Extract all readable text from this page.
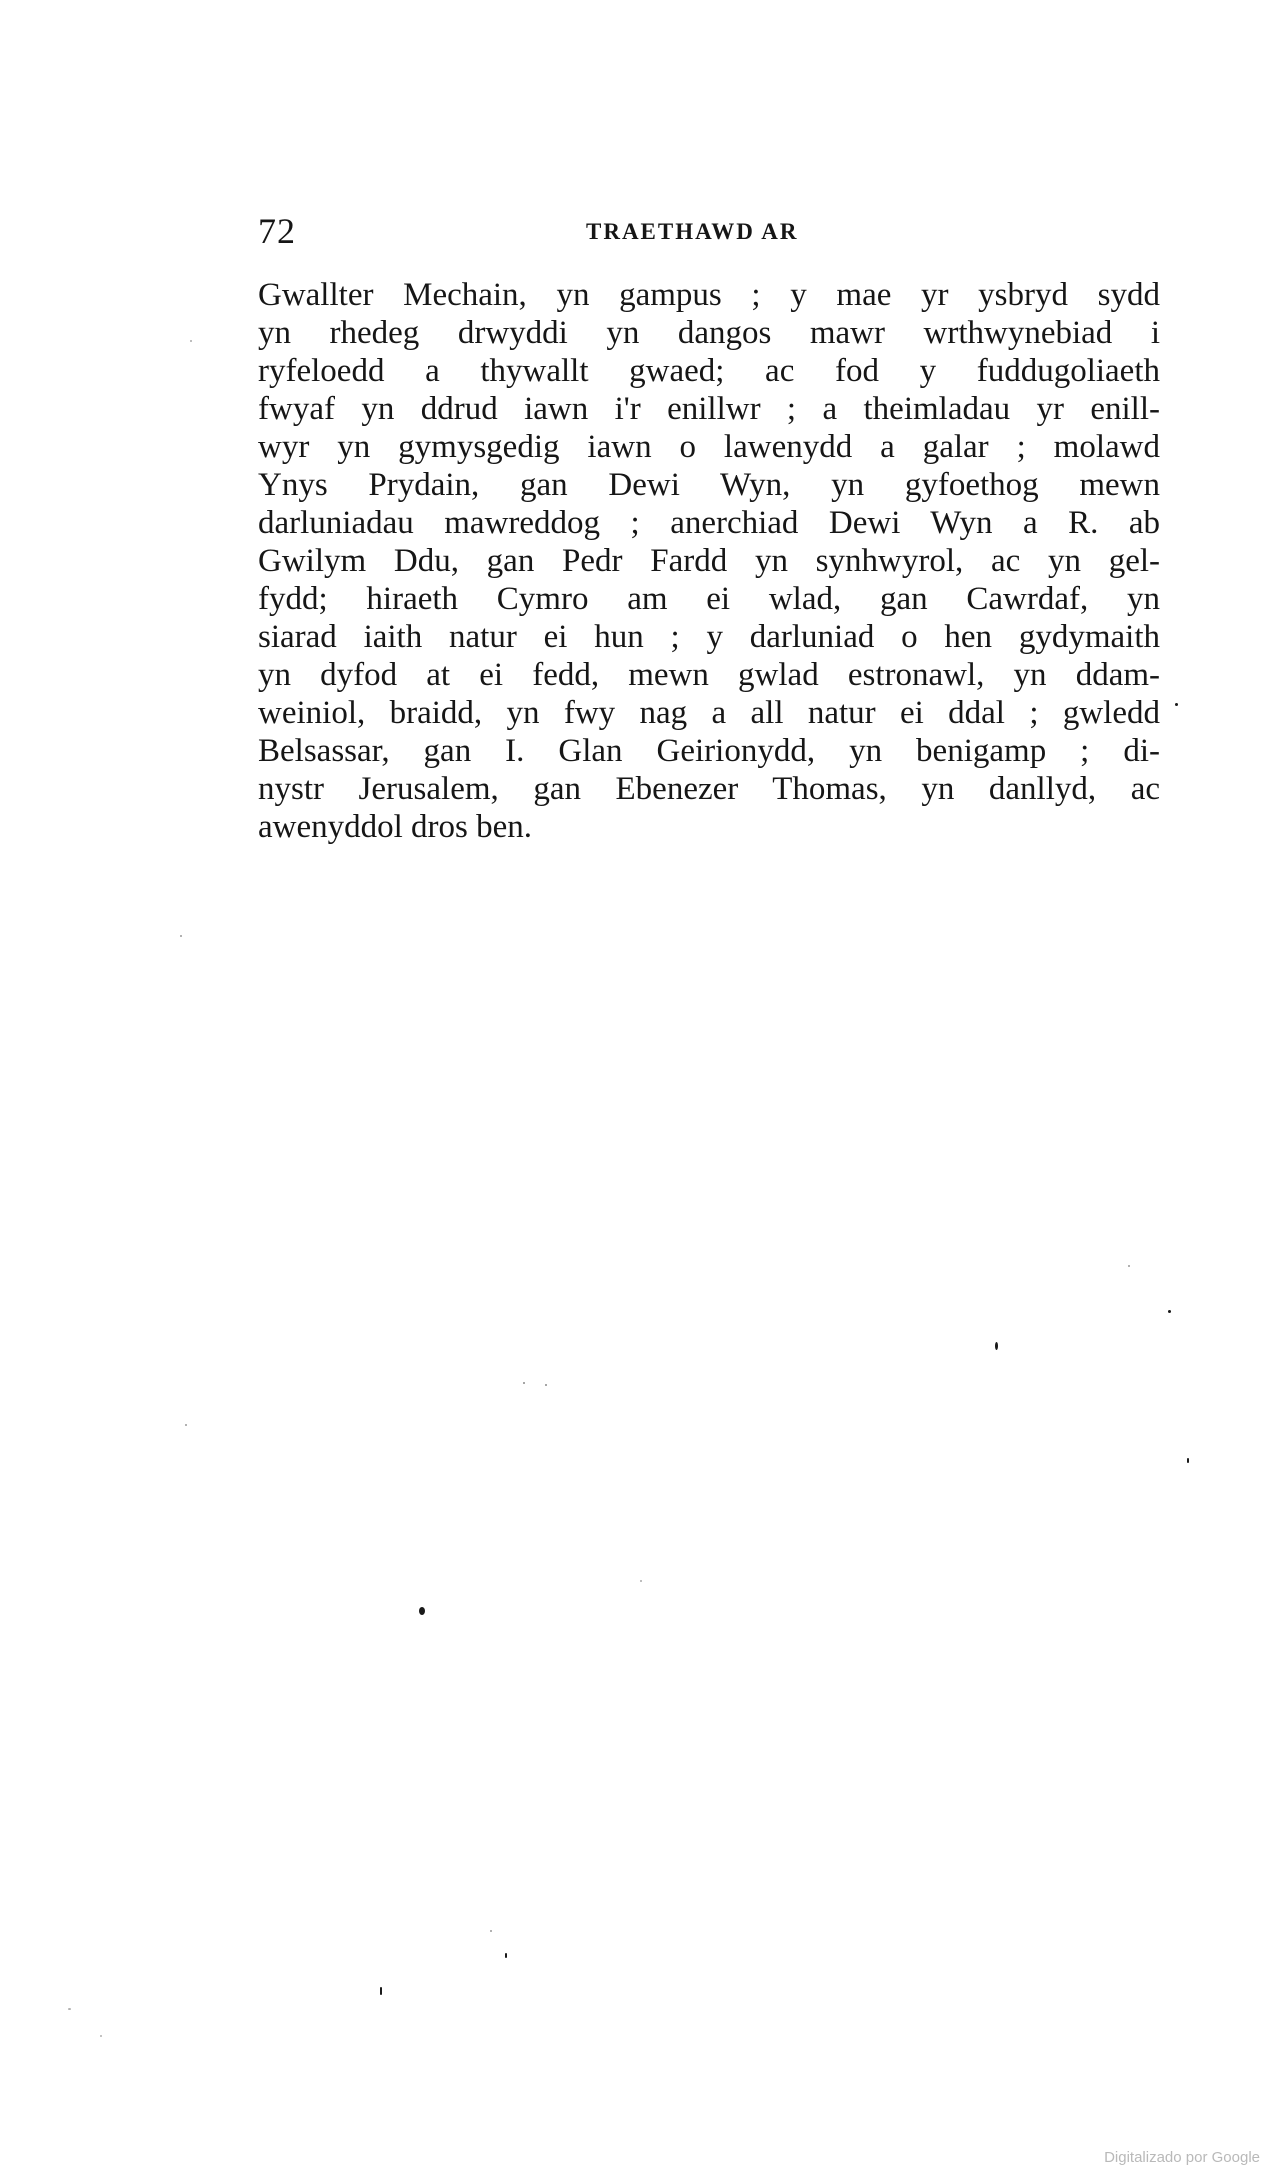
72	TRAETHAWD AR
Gwallter Mechain, yn gampus ; y mae yr ysbryd sydd
yn rhedeg drwyddi yn dangos mawr wrthwynebiad i
ryfeloedd a thywallt gwaed; ac fod y fuddugoliaeth
fwyaf yn ddrud iawn i'r enillwr ; a theimladau yr enill-
wyr yn gymysgedig iawn o lawenydd a galar ; molawd
Ynys Prydain, gan Dewi Wyn, yn gyfoethog mewn
darluniadau mawreddog ; anerchiad Dewi Wyn a R. ab
Gwilym Ddu, gan Pedr Fardd yn synhwyrol, ac yn gel-
fydd; hiraeth Cymro am ei wlad, gan Cawrdaf, yn
siarad iaith natur ei hun ; y darluniad o hen gydymaith
yn dyfod at ei fedd, mewn gwlad estronawl, yn ddam-
weiniol, braidd, yn fwy nag a all natur ei ddal ; gwledd
Belsassar, gan I. Glan Geirionydd, yn benigamp ; di-
nystr Jerusalem, gan Ebenezer Thomas, yn danllyd, ac
awenyddol dros ben.
Digitalizado por Google
